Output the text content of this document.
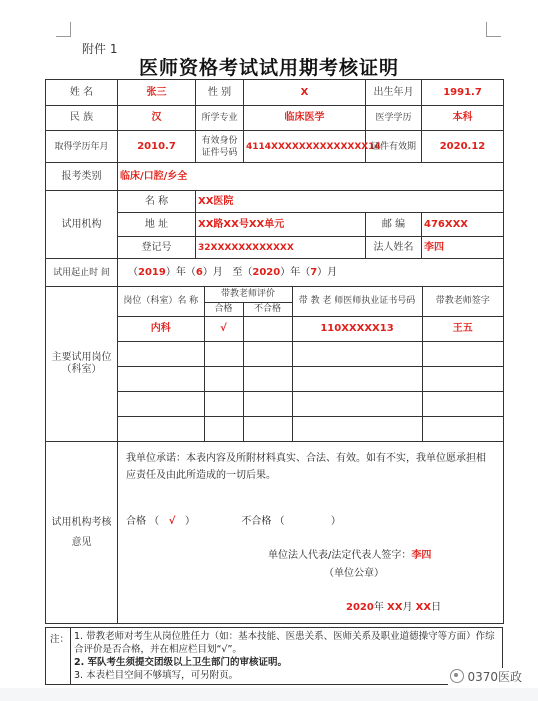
附件 1
医师资格考试试用期考核证明
姓 名	张三	性 别	X	出生年月	1991.7
民 族	汉	所学专业	临床医学	医学学历	本科
取得学历年月	2010.7	有效身份证件号码	4114XXXXXXXXXXXXXX14	证件有效期	2020.12
报考类别	临床/口腔/乡全
试用机构	名 称	XX医院
地 址	XX路XX号XX单元	邮 编	476XXX
登记号	32XXXXXXXXXXXX	法人姓名	李四
试用起止时 间	（2019）年（6）月 至（2020）年（7）月
主要试用岗位（科室）	
岗位（科室）名 称	带教老师评价	带 教 老 师医师执业证书号码	带教老师签字
合格	不合格
内科	√		110XXXXX13	王五

试用机构考核意见	
我单位承诺：本表内容及所附材料真实、合法、有效。如有不实，我单位愿承担相应责任及由此所造成的一切后果。
合格 （ √ ）	不合格 （	）
单位法人代表/法定代表人签字：李四
（单位公章）
2020年 XX月 XX日
注： 1. 带教老师对考生从岗位胜任力（如：基本技能、医患关系、医师关系及职业道德操守等方面）作综合评价是否合格，并在相应栏目划“√”。
2. 军队考生须提交团级以上卫生部门的审核证明。
3. 本表栏目空间不够填写，可另附页。	0370医政
